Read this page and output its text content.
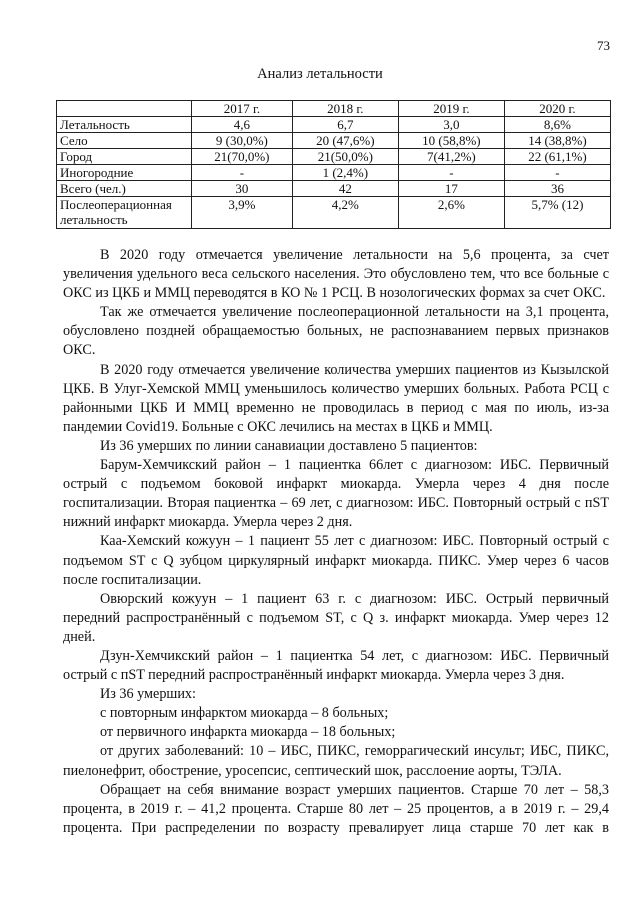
73
Анализ летальности
	2017 г.	2018 г.	2019 г.	2020 г.
Летальность	4,6	6,7	3,0	8,6%
Село	9 (30,0%)	20 (47,6%)	10 (58,8%)	14 (38,8%)
Город	21(70,0%)	21(50,0%)	7(41,2%)	22 (61,1%)
Иногородние	-	1 (2,4%)	-	-
Всего (чел.)	30	42	17	36
Послеоперационная летальность	3,9%	4,2%	2,6%	5,7% (12)

В 2020 году отмечается увеличение летальности на 5,6 процента, за счет увеличения удельного веса сельского населения. Это обусловлено тем, что все больные с ОКС из ЦКБ и ММЦ переводятся в КО № 1 РСЦ. В нозологических формах за счет ОКС.

Так же отмечается увеличение послеоперационной летальности на 3,1 процента, обусловлено поздней обращаемостью больных, не распознаванием первых признаков ОКС.

В 2020 году отмечается увеличение количества умерших пациентов из Кызылской ЦКБ. В Улуг-Хемской ММЦ уменьшилось количество умерших больных. Работа РСЦ с районными ЦКБ И ММЦ временно не проводилась в период с мая по июль, из-за пандемии Covid19. Больные с ОКС лечились на местах в ЦКБ и ММЦ.

Из 36 умерших по линии санавиации доставлено 5 пациентов:

Барум-Хемчикский район – 1 пациентка 66лет с диагнозом: ИБС. Первичный острый с подъемом боковой инфаркт миокарда. Умерла через 4 дня после госпитализации. Вторая пациентка – 69 лет, с диагнозом: ИБС. Повторный острый с пST нижний инфаркт миокарда. Умерла через 2 дня.

Каа-Хемский кожуун – 1 пациент 55 лет с диагнозом: ИБС. Повторный острый с подъемом ST с Q зубцом циркулярный инфаркт миокарда. ПИКС. Умер через 6 часов после госпитализации.

Овюрский кожуун – 1 пациент 63 г. с диагнозом: ИБС. Острый первичный передний распространённый с подъемом ST, с Q з. инфаркт миокарда. Умер через 12 дней.

Дзун-Хемчикский район – 1 пациентка 54 лет, с диагнозом: ИБС. Первичный острый с пST передний распространённый инфаркт миокарда. Умерла через 3 дня.

Из 36 умерших:

с повторным инфарктом миокарда – 8 больных;

от первичного инфаркта миокарда – 18 больных;

от других заболеваний: 10 – ИБС, ПИКС, геморрагический инсульт; ИБС, ПИКС, пиелонефрит, обострение, уросепсис, септический шок, расслоение аорты, ТЭЛА.

Обращает на себя внимание возраст умерших пациентов. Старше 70 лет – 58,3 процента, в 2019 г. – 41,2 процента. Старше 80 лет – 25 процентов, а в 2019 г. – 29,4 процента. При распределении по возрасту превалирует лица старше 70 лет как в
